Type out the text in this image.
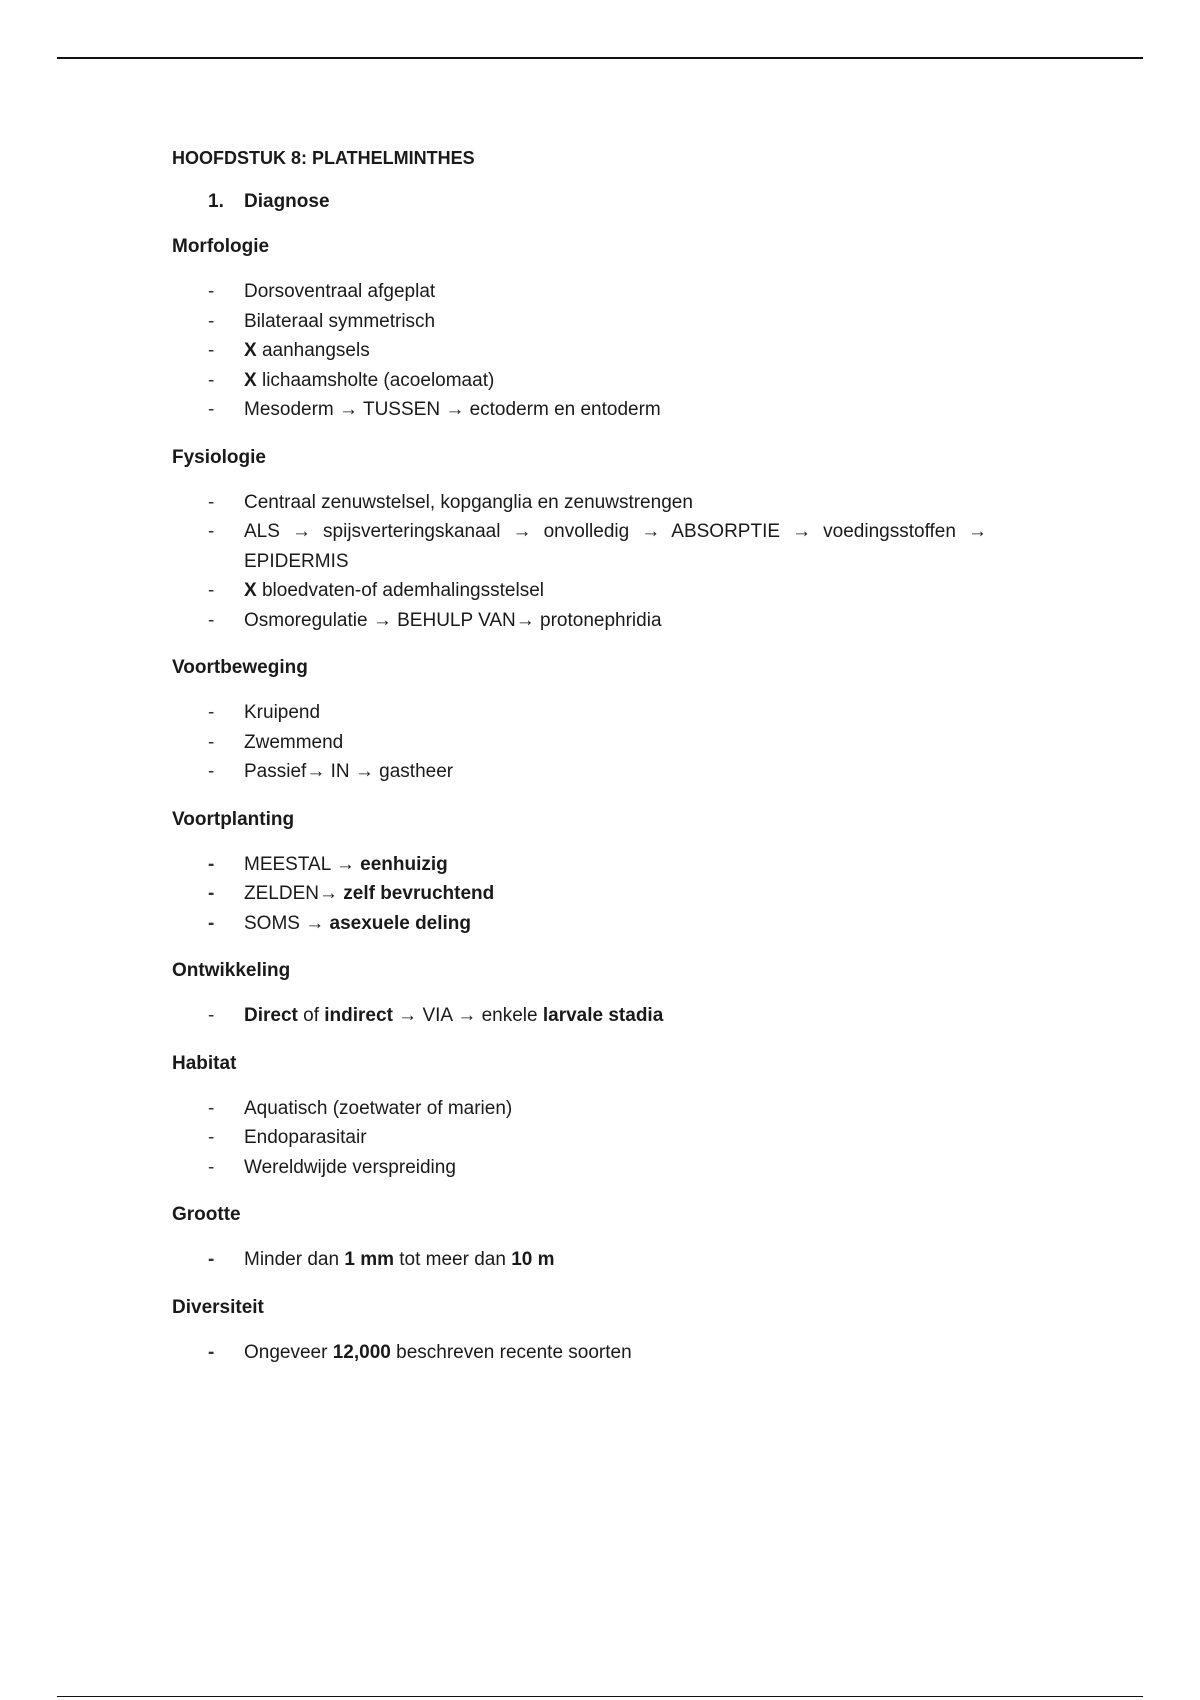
HOOFDSTUK 8: PLATHELMINTHES
1.	Diagnose
Morfologie
-	Dorsoventraal afgeplat
-	Bilateraal symmetrisch
-	X aanhangsels
-	X lichaamsholte (acoelomaat)
-	Mesoderm → TUSSEN → ectoderm en entoderm
Fysiologie
-	Centraal zenuwstelsel, kopganglia en zenuwstrengen
-	ALS → spijsverteringskanaal → onvolledig → ABSORPTIE → voedingsstoffen → EPIDERMIS
-	X bloedvaten-of ademhalingsstelsel
-	Osmoregulatie → BEHULP VAN→ protonephridia
Voortbeweging
-	Kruipend
-	Zwemmend
-	Passief→ IN → gastheer
Voortplanting
-	MEESTAL → eenhuizig
-	ZELDEN→ zelf bevruchtend
-	SOMS → asexuele deling
Ontwikkeling
-	Direct of indirect → VIA → enkele larvale stadia
Habitat
-	Aquatisch (zoetwater of marien)
-	Endoparasitair
-	Wereldwijde verspreiding
Grootte
-	Minder dan 1 mm tot meer dan 10 m
Diversiteit
-	Ongeveer 12,000 beschreven recente soorten
